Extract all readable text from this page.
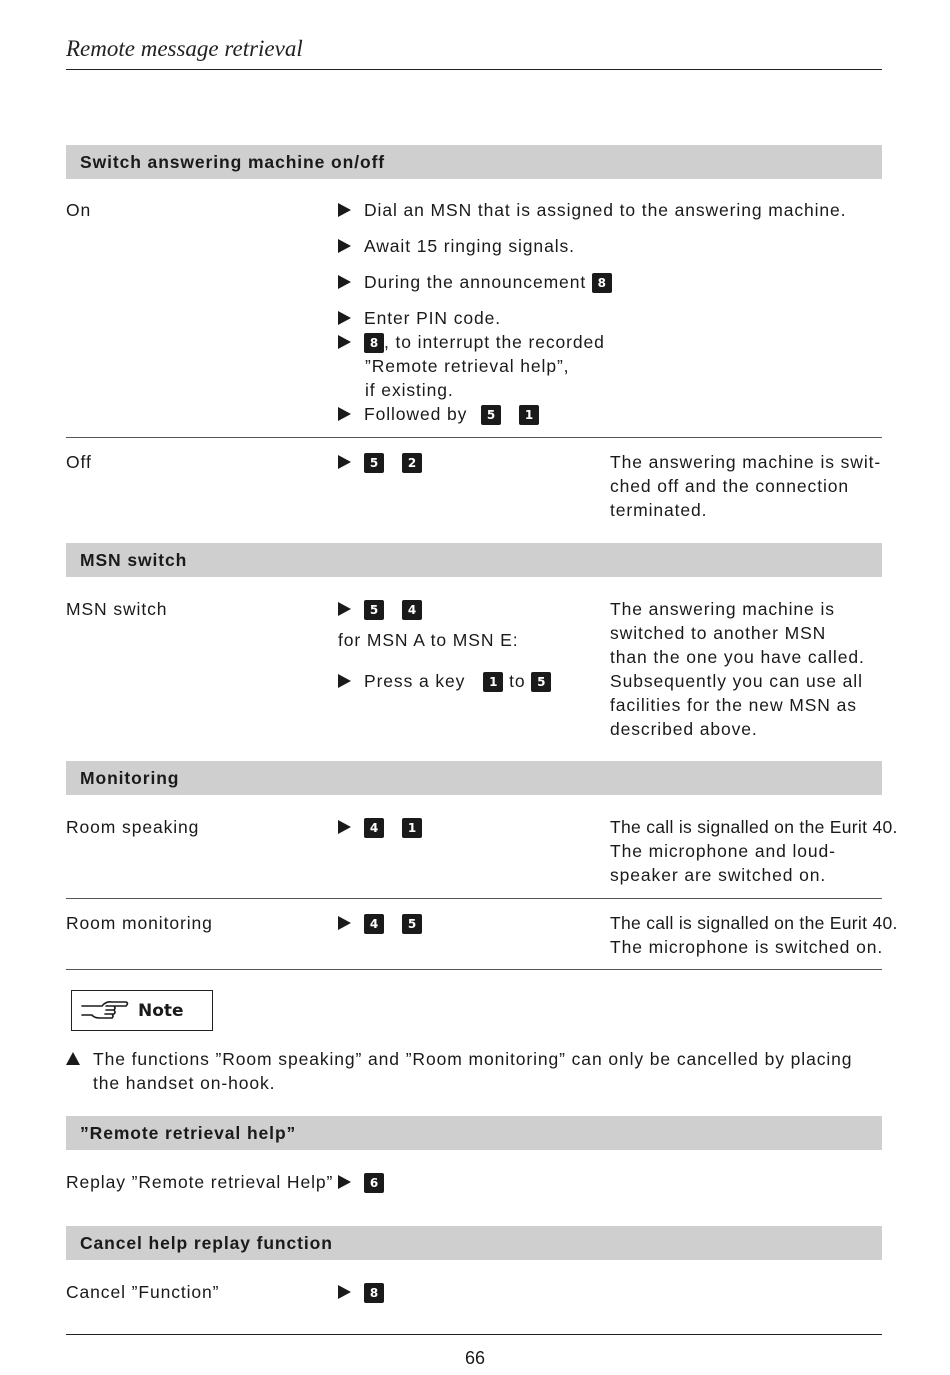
Remote message retrieval
Switch answering machine on/off
On	Dial an MSN that is assigned to the answering machine.
Await 15 ringing signals.
During the announcement 8
Enter PIN code.
8 , to interrupt the recorded
”Remote retrieval help”,
if existing.
Followed by 5 1
Off	5 2	The answering machine is swit-
ched off and the connection
terminated.
MSN switch
MSN switch	5 4
for MSN A to MSN E:
Press a key 1 to 5
The answering machine is
switched to another MSN
than the one you have called.
Subsequently you can use all
facilities for the new MSN as
described above.
Monitoring
Room speaking	4 1	The call is signalled on the Eurit 40.
The microphone and loud-
speaker are switched on.
Room monitoring	4 5	The call is signalled on the Eurit 40.
The microphone is switched on.
Note
The functions ”Room speaking” and ”Room monitoring” can only be cancelled by placing
the handset on-hook.
”Remote retrieval help”
Replay ”Remote retrieval Help”	6
Cancel help replay function
Cancel ”Function”	8
66
